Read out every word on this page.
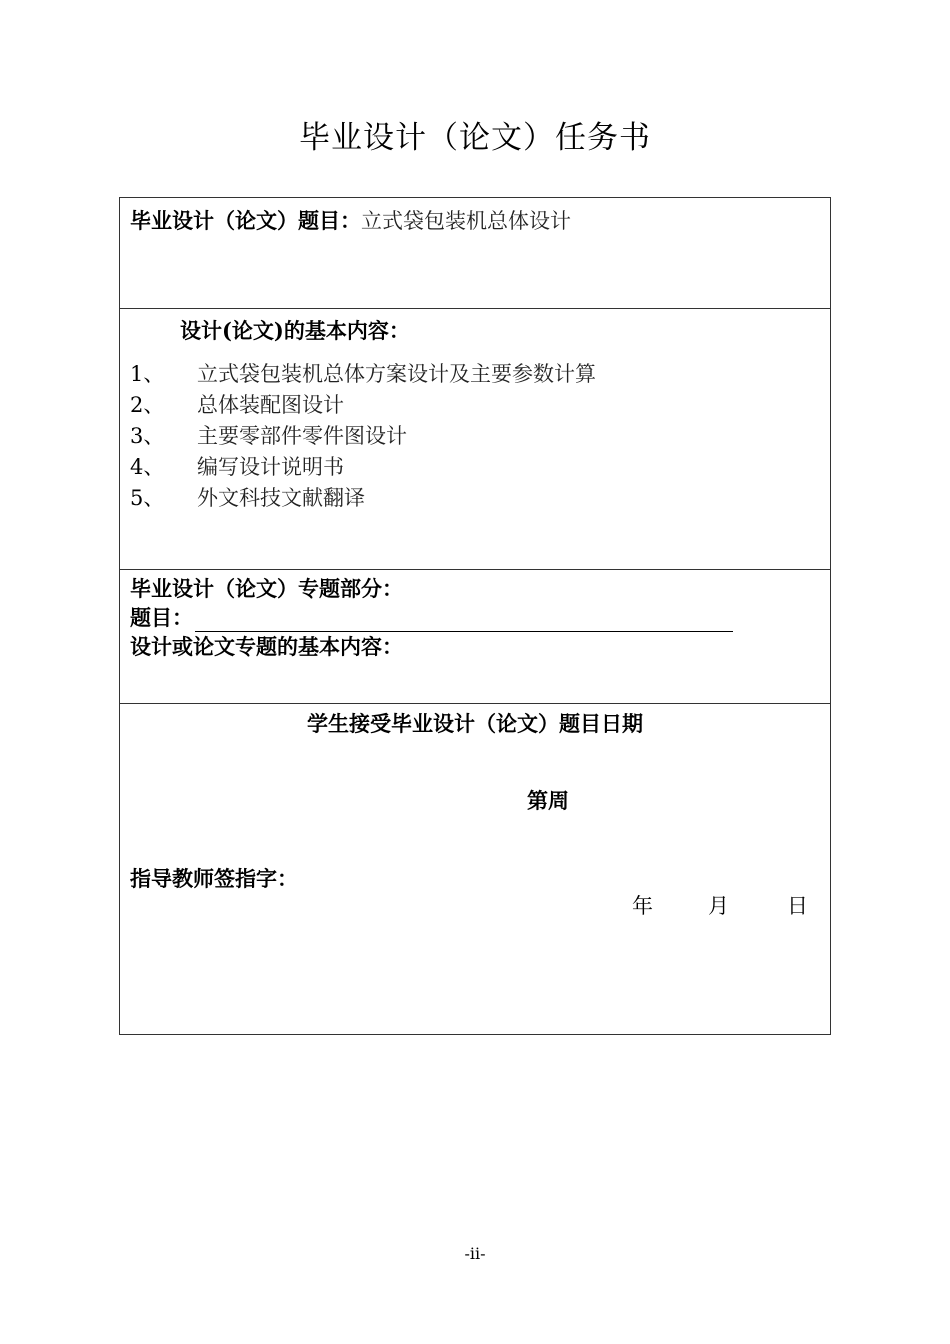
毕业设计（论文）任务书
毕业设计（论文）题目：立式袋包装机总体设计
设计(论文)的基本内容：
1、 立式袋包装机总体方案设计及主要参数计算
2、 总体装配图设计
3、 主要零部件零件图设计
4、 编写设计说明书
5、 外文科技文献翻译
毕业设计（论文）专题部分：
题目：
设计或论文专题的基本内容：
学生接受毕业设计（论文）题目日期
第周
指导教师签指字：
年	月	日
-ii-
